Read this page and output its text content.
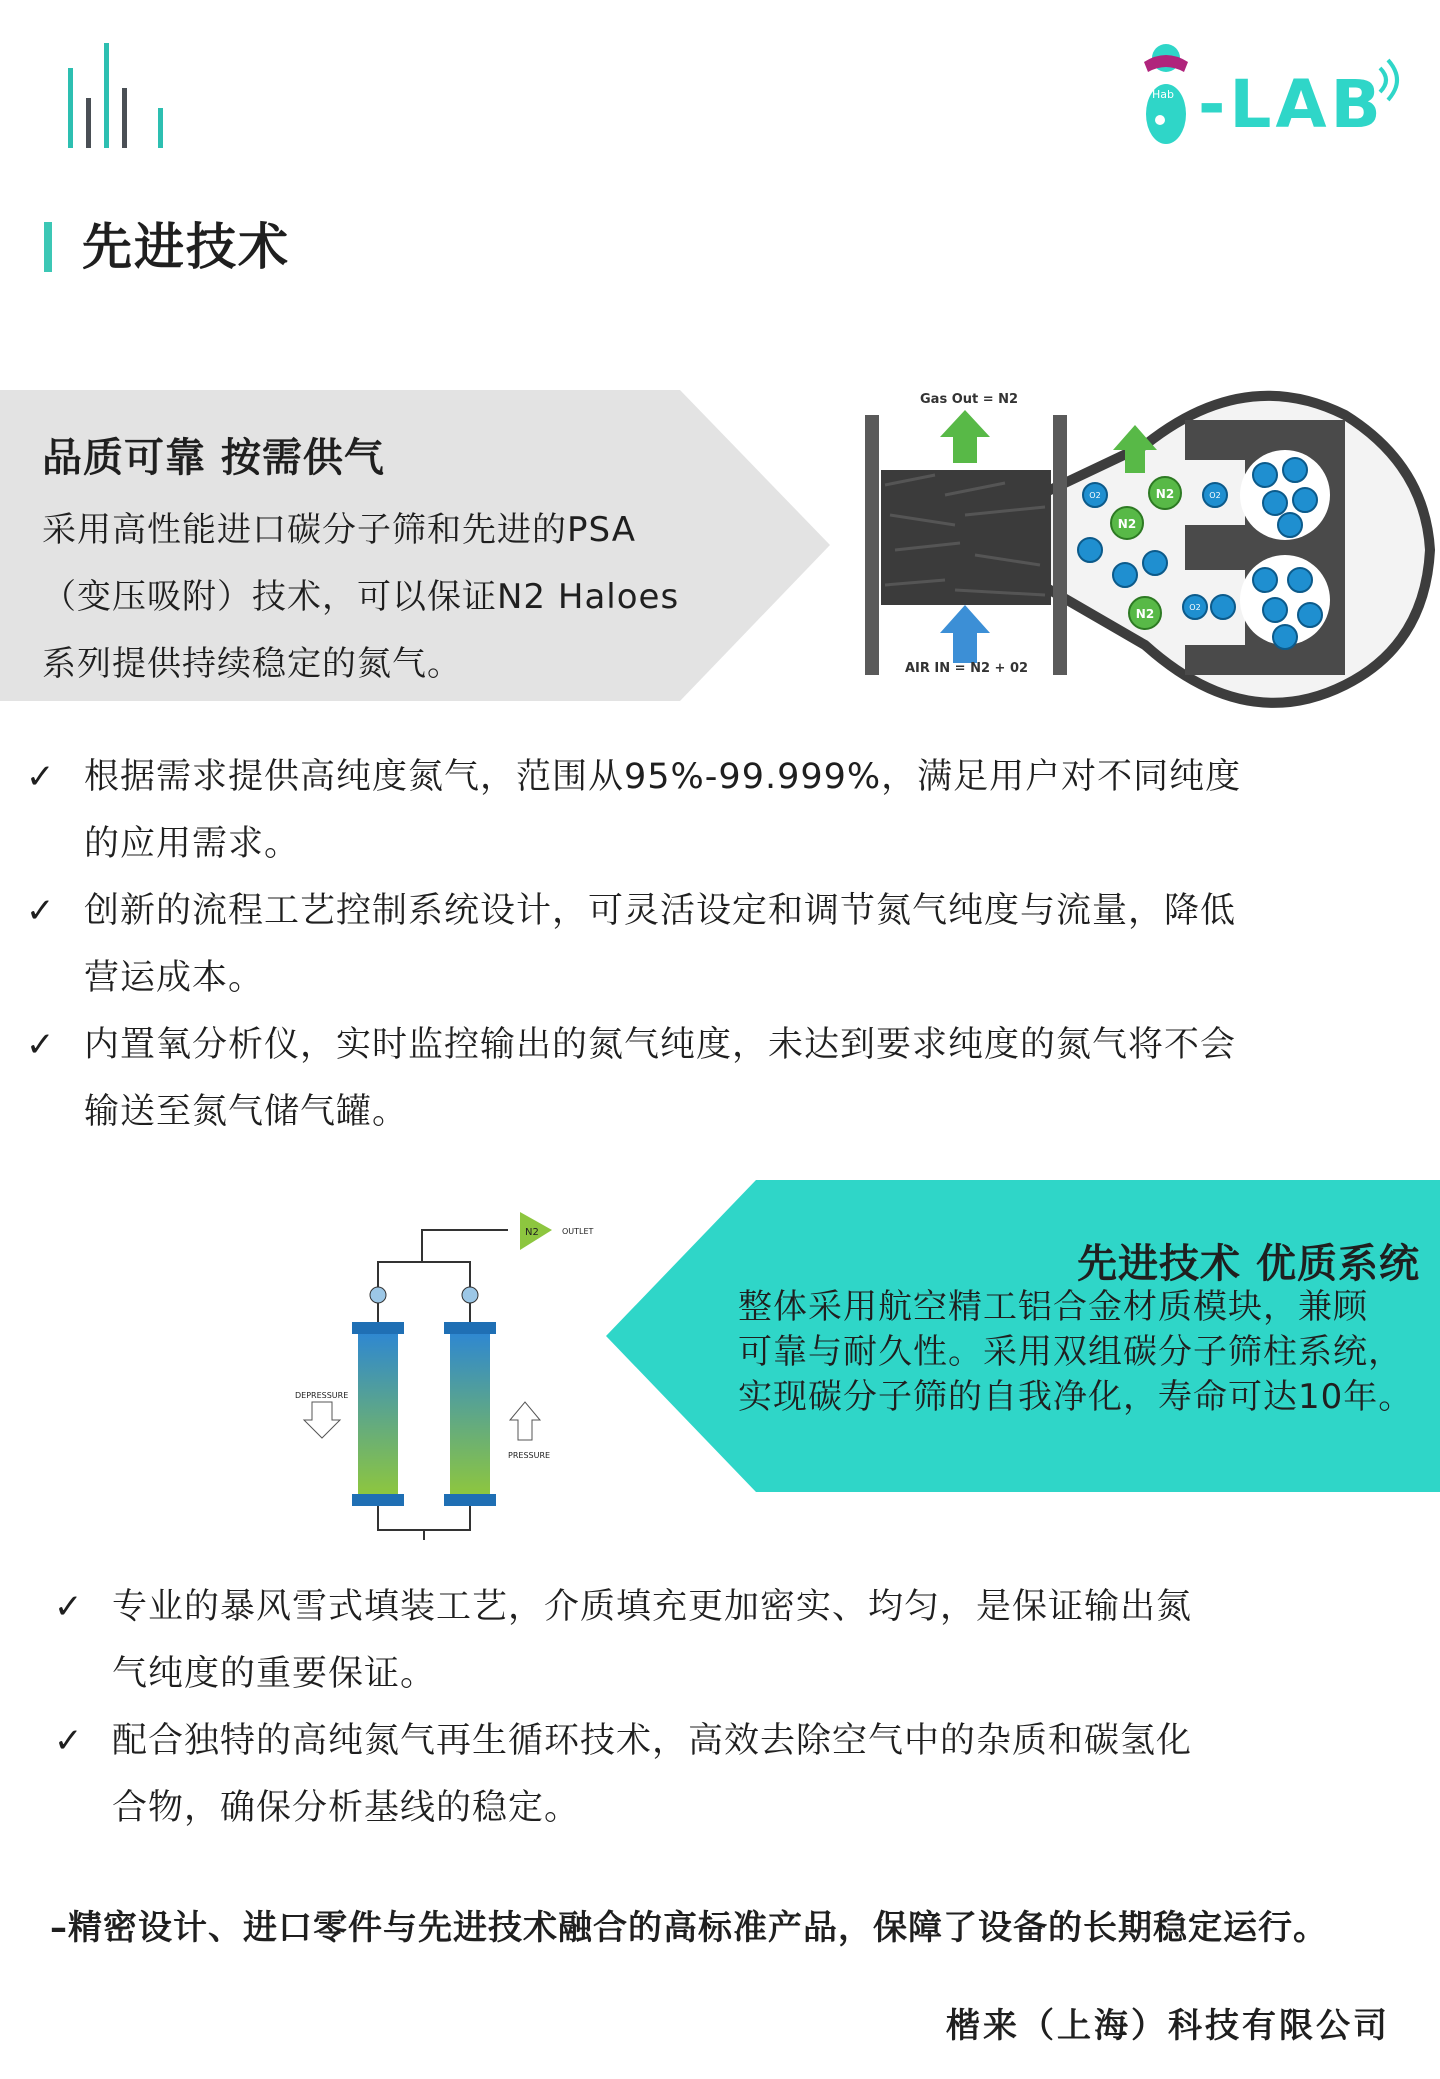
Hab -LAB
先进技术
品质可靠 按需供气
采用高性能进口碳分子筛和先进的PSA
（变压吸附）技术，可以保证N2 Haloes
系列提供持续稳定的氮气。
Gas Out = N2
AIR IN = N2 + 02
N2
N2
N2
O2	O2
O2
✓ 根据需求提供高纯度氮气，范围从95%-99.999%，满足用户对不同纯度
的应用需求。
✓ 创新的流程工艺控制系统设计，可灵活设定和调节氮气纯度与流量，降低
营运成本。
✓ 内置氧分析仪，实时监控输出的氮气纯度，未达到要求纯度的氮气将不会
输送至氮气储气罐。
N2	OUTLET
DEPRESSURE
PRESSURE
先进技术 优质系统
整体采用航空精工铝合金材质模块，兼顾
可靠与耐久性。采用双组碳分子筛柱系统，
实现碳分子筛的自我净化，寿命可达10年。
✓ 专业的暴风雪式填装工艺，介质填充更加密实、均匀，是保证输出氮
气纯度的重要保证。
✓ 配合独特的高纯氮气再生循环技术，高效去除空气中的杂质和碳氢化
合物，确保分析基线的稳定。
–精密设计、进口零件与先进技术融合的高标准产品，保障了设备的长期稳定运行。
楷来（上海）科技有限公司
